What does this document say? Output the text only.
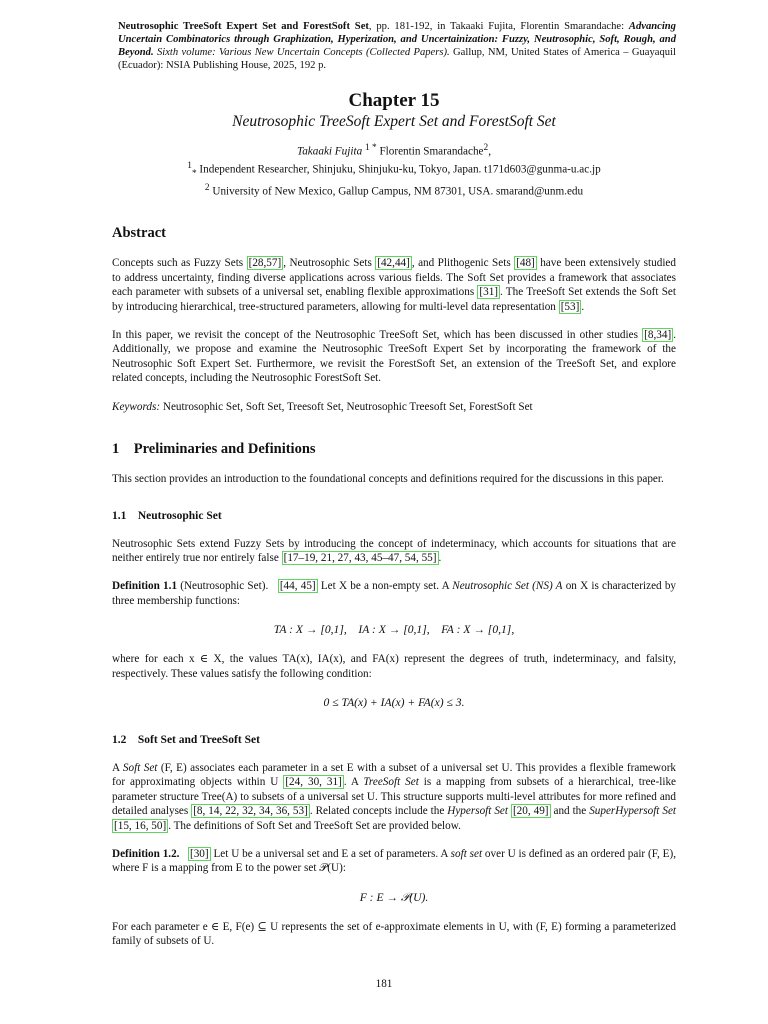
Neutrosophic TreeSoft Expert Set and ForestSoft Set, pp. 181-192, in Takaaki Fujita, Florentin Smarandache: Advancing Uncertain Combinatorics through Graphization, Hyperization, and Uncertainization: Fuzzy, Neutrosophic, Soft, Rough, and Beyond. Sixth volume: Various New Uncertain Concepts (Collected Papers). Gallup, NM, United States of America – Guayaquil (Ecuador): NSIA Publishing House, 2025, 192 p.
Chapter 15
Neutrosophic TreeSoft Expert Set and ForestSoft Set
Takaaki Fujita $^{1 *}$ Florentin Smarandache$^2$,
$^1_*$ Independent Researcher, Shinjuku, Shinjuku-ku, Tokyo, Japan. t171d603@gunma-u.ac.jp
$^2$ University of New Mexico, Gallup Campus, NM 87301, USA. smarand@unm.edu
Abstract

Concepts such as Fuzzy Sets [28,57] , Neutrosophic Sets [42,44] , and Plithogenic Sets [48] have been extensively studied to address uncertainty, finding diverse applications across various fields. The Soft Set provides a framework that associates each parameter with subsets of a universal set, enabling flexible approximations [31] . The TreeSoft Set extends the Soft Set by introducing hierarchical, tree-structured parameters, allowing for multi-level data representation [53] .

In this paper, we revisit the concept of the Neutrosophic TreeSoft Set, which has been discussed in other studies [8,34] . Additionally, we propose and examine the Neutrosophic TreeSoft Expert Set by incorporating the framework of the Neutrosophic Soft Expert Set. Furthermore, we revisit the ForestSoft Set, an extension of the TreeSoft Set, and explore related concepts, including the Neutrosophic ForestSoft Set.

Keywords: Neutrosophic Set, Soft Set, Treesoft Set, Neutrosophic Treesoft Set, ForestSoft Set

1    Preliminaries and Definitions

This section provides an introduction to the foundational concepts and definitions required for the discussions in this paper.

1.1    Neutrosophic Set

Neutrosophic Sets extend Fuzzy Sets by introducing the concept of indeterminacy, which accounts for situations that are neither entirely true nor entirely false [17–19, 21, 27, 43, 45–47, 54, 55] .

Definition 1.1 (Neutrosophic Set). [44, 45] Let X be a non-empty set. A Neutrosophic Set (NS) A on X is characterized by three membership functions:

TA : X → [0,1],    IA : X → [0,1],    FA : X → [0,1],

where for each x ∈ X, the values TA(x), IA(x), and FA(x) represent the degrees of truth, indeterminacy, and falsity, respectively. These values satisfy the following condition:

0 ≤ TA(x) + IA(x) + FA(x) ≤ 3.
1.2    Soft Set and TreeSoft Set

A Soft Set (F, E) associates each parameter in a set E with a subset of a universal set U. This provides a flexible framework for approximating objects within U [24, 30, 31] . A TreeSoft Set is a mapping from subsets of a hierarchical, tree-like parameter structure Tree(A) to subsets of a universal set U. This structure supports multi-level attributes for more refined and detailed analyses [8, 14, 22, 32, 34, 36, 53] . Related concepts include the Hypersoft Set [20, 49] and the SuperHypersoft Set [15, 16, 50] . The definitions of Soft Set and TreeSoft Set are provided below.

Definition 1.2. [30] Let U be a universal set and E a set of parameters. A soft set over U is defined as an ordered pair (F, E), where F is a mapping from E to the power set 𝒫(U):

F : E → 𝒫(U).

For each parameter e ∈ E, F(e) ⊆ U represents the set of e-approximate elements in U, with (F, E) forming a parameterized family of subsets of U.

181
